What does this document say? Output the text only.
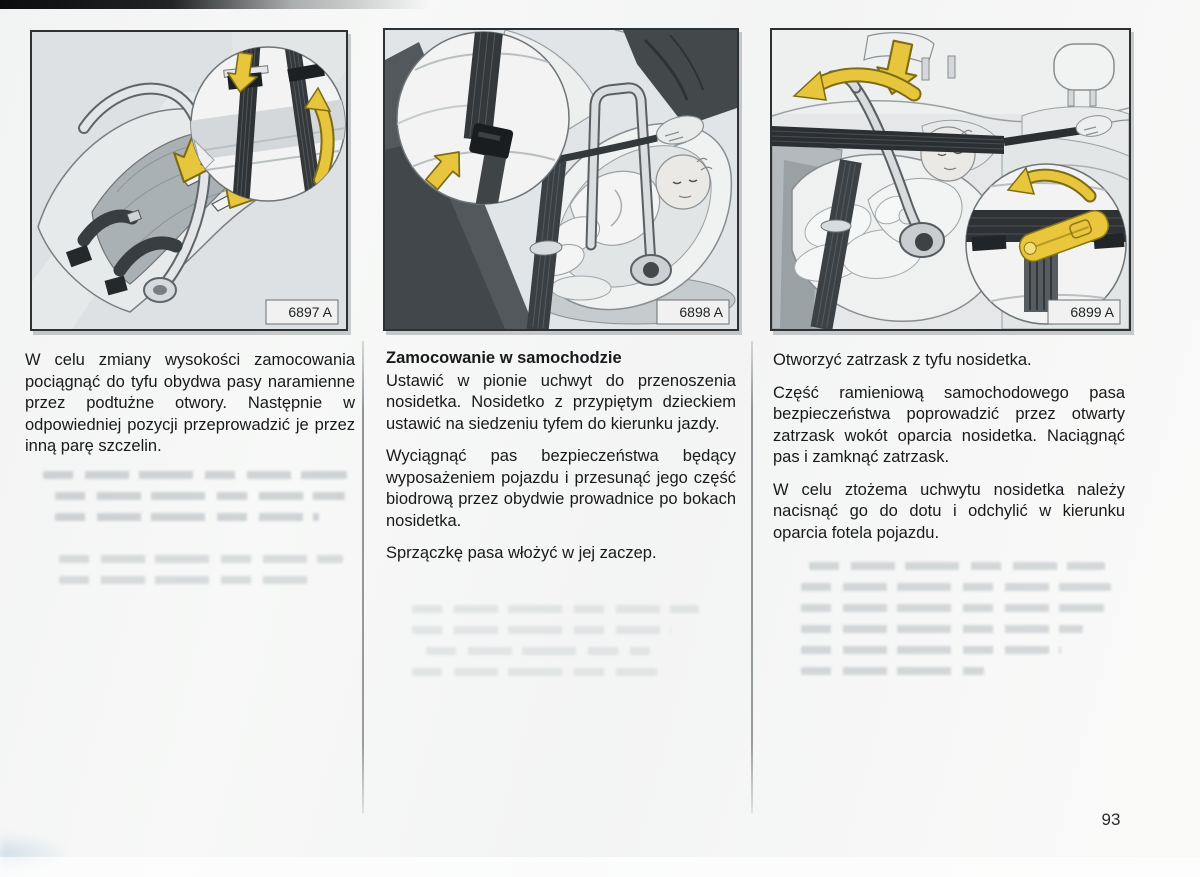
6897 A	6898 A	6899 A

W celu zmiany wysokości zamocowania pociągnąć do tyfu obydwa pasy naramienne przez podtużne otwory. Następnie w odpowiedniej pozycji przeprowadzić je przez inną parę szczelin.

Zamocowanie w samochodzie

Ustawić w pionie uchwyt do przenoszenia nosidetka. Nosidetko z przypiętym dzieckiem ustawić na siedzeniu tyfem do kierunku jazdy.

Wyciągnąć pas bezpieczeństwa będący wyposażeniem pojazdu i przesunąć jego część biodrową przez obydwie prowadnice po bokach nosidetka.

Sprzączkę pasa włożyć w jej zaczep.

Otworzyć zatrzask z tyfu nosidetka.

Część ramieniową samochodowego pasa bezpieczeństwa poprowadzić przez otwarty zatrzask wokót oparcia nosidetka. Naciągnąć pas i zamknąć zatrzask.

W celu ztożema uchwytu nosidetka należy nacisnąć go do dotu i odchylić w kierunku oparcia fotela pojazdu.

93
